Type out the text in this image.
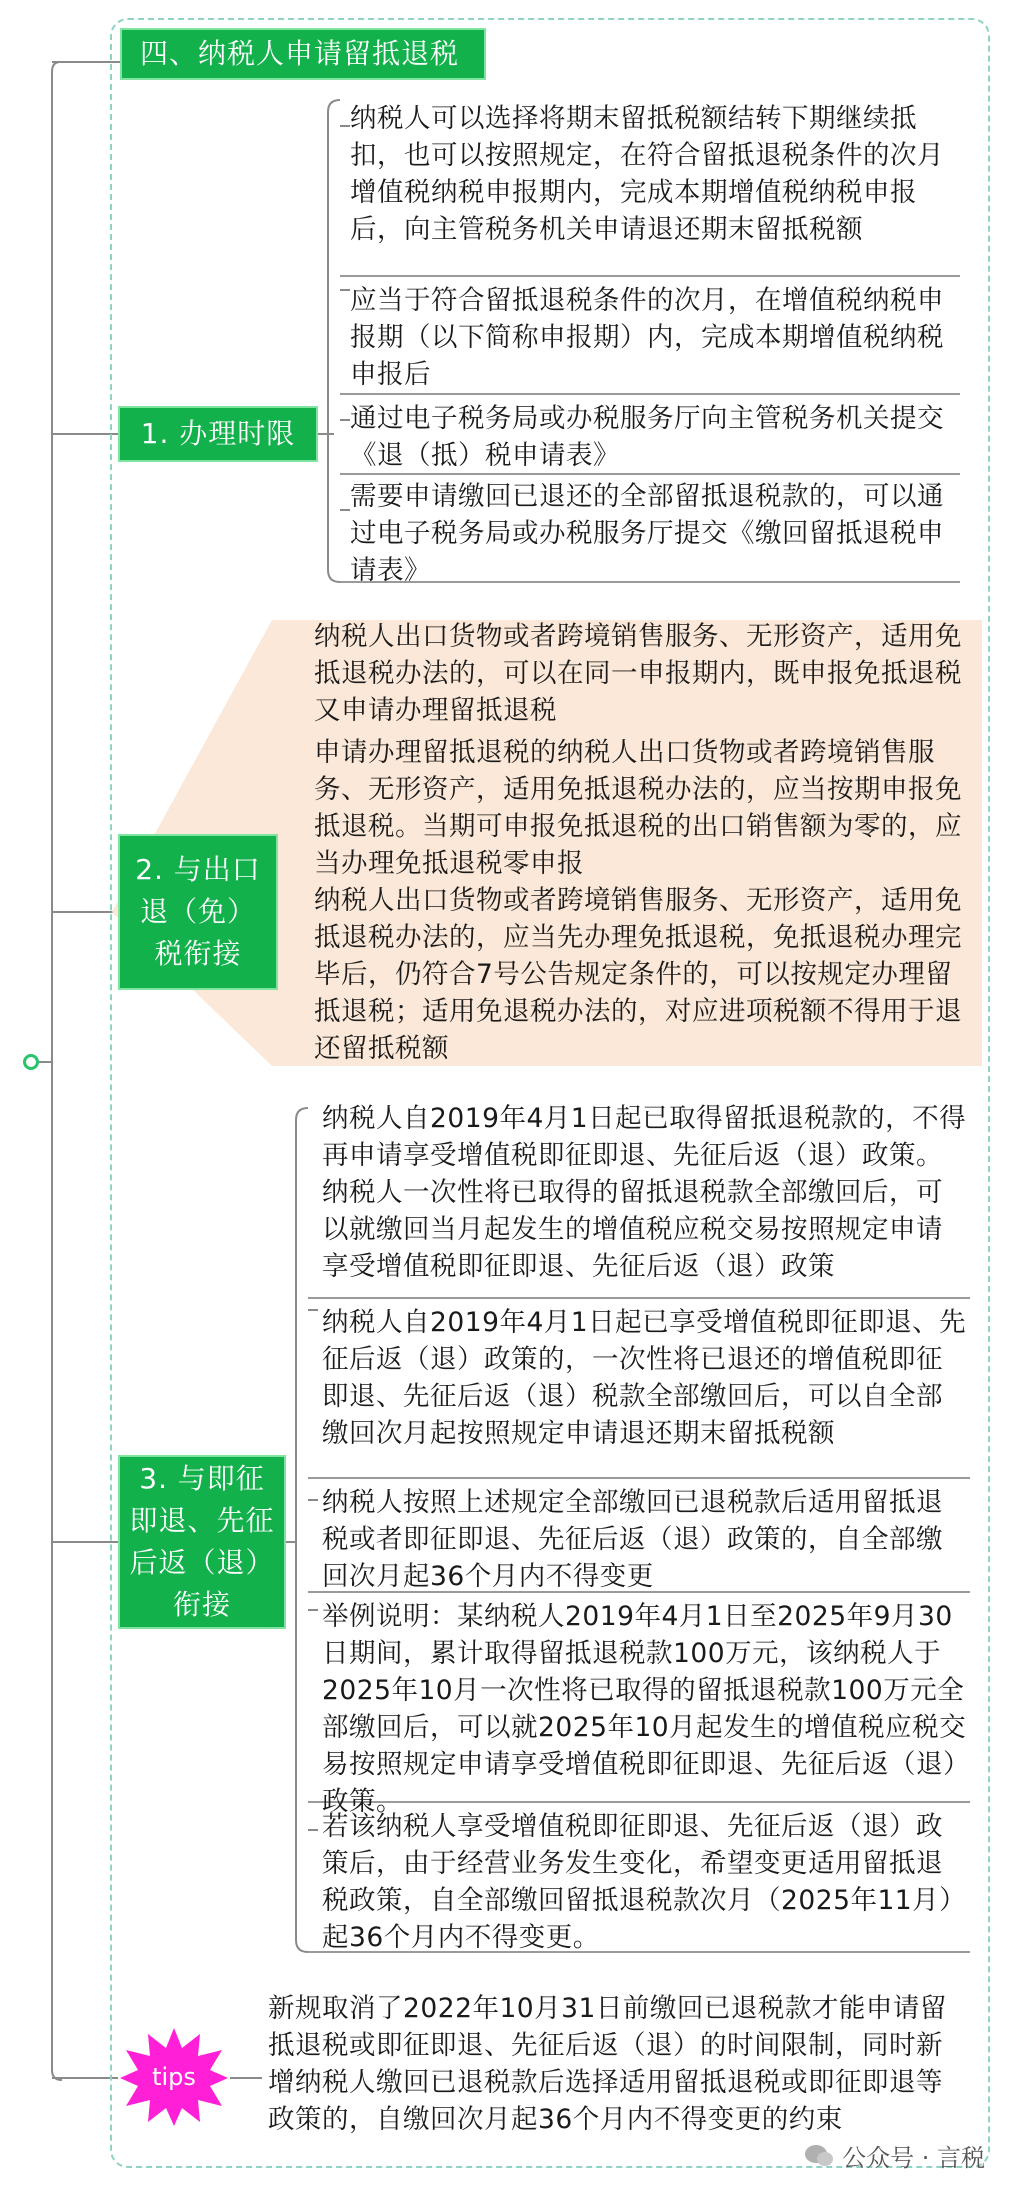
四、纳税人申请留抵退税
1. 办理时限
纳税人可以选择将期末留抵税额结转下期继续抵扣，也可以按照规定，在符合留抵退税条件的次月增值税纳税申报期内，完成本期增值税纳税申报后，向主管税务机关申请退还期末留抵税额
应当于符合留抵退税条件的次月，在增值税纳税申报期（以下简称申报期）内，完成本期增值税纳税申报后
通过电子税务局或办税服务厅向主管税务机关提交《退（抵）税申请表》
需要申请缴回已退还的全部留抵退税款的，可以通过电子税务局或办税服务厅提交《缴回留抵退税申请表》
2. 与出口退（免）税衔接
纳税人出口货物或者跨境销售服务、无形资产，适用免抵退税办法的，可以在同一申报期内，既申报免抵退税又申请办理留抵退税
申请办理留抵退税的纳税人出口货物或者跨境销售服务、无形资产，适用免抵退税办法的，应当按期申报免抵退税。当期可申报免抵退税的出口销售额为零的，应当办理免抵退税零申报
纳税人出口货物或者跨境销售服务、无形资产，适用免抵退税办法的，应当先办理免抵退税，免抵退税办理完毕后，仍符合7号公告规定条件的，可以按规定办理留抵退税；适用免退税办法的，对应进项税额不得用于退还留抵税额
3. 与即征即退、先征后返（退）衔接
纳税人自2019年4月1日起已取得留抵退税款的，不得再申请享受增值税即征即退、先征后返（退）政策。纳税人一次性将已取得的留抵退税款全部缴回后，可以就缴回当月起发生的增值税应税交易按照规定申请享受增值税即征即退、先征后返（退）政策
纳税人自2019年4月1日起已享受增值税即征即退、先征后返（退）政策的，一次性将已退还的增值税即征即退、先征后返（退）税款全部缴回后，可以自全部缴回次月起按照规定申请退还期末留抵税额
纳税人按照上述规定全部缴回已退税款后适用留抵退税或者即征即退、先征后返（退）政策的，自全部缴回次月起36个月内不得变更
举例说明：某纳税人2019年4月1日至2025年9月30日期间，累计取得留抵退税款100万元，该纳税人于2025年10月一次性将已取得的留抵退税款100万元全部缴回后，可以就2025年10月起发生的增值税应税交易按照规定申请享受增值税即征即退、先征后返（退）政策。
若该纳税人享受增值税即征即退、先征后返（退）政策后，由于经营业务发生变化，希望变更适用留抵退税政策，自全部缴回留抵退税款次月（2025年11月）起36个月内不得变更。
tips
新规取消了2022年10月31日前缴回已退税款才能申请留抵退税或即征即退、先征后返（退）的时间限制，同时新增纳税人缴回已退税款后选择适用留抵退税或即征即退等政策的，自缴回次月起36个月内不得变更的约束
公众号 · 言税
